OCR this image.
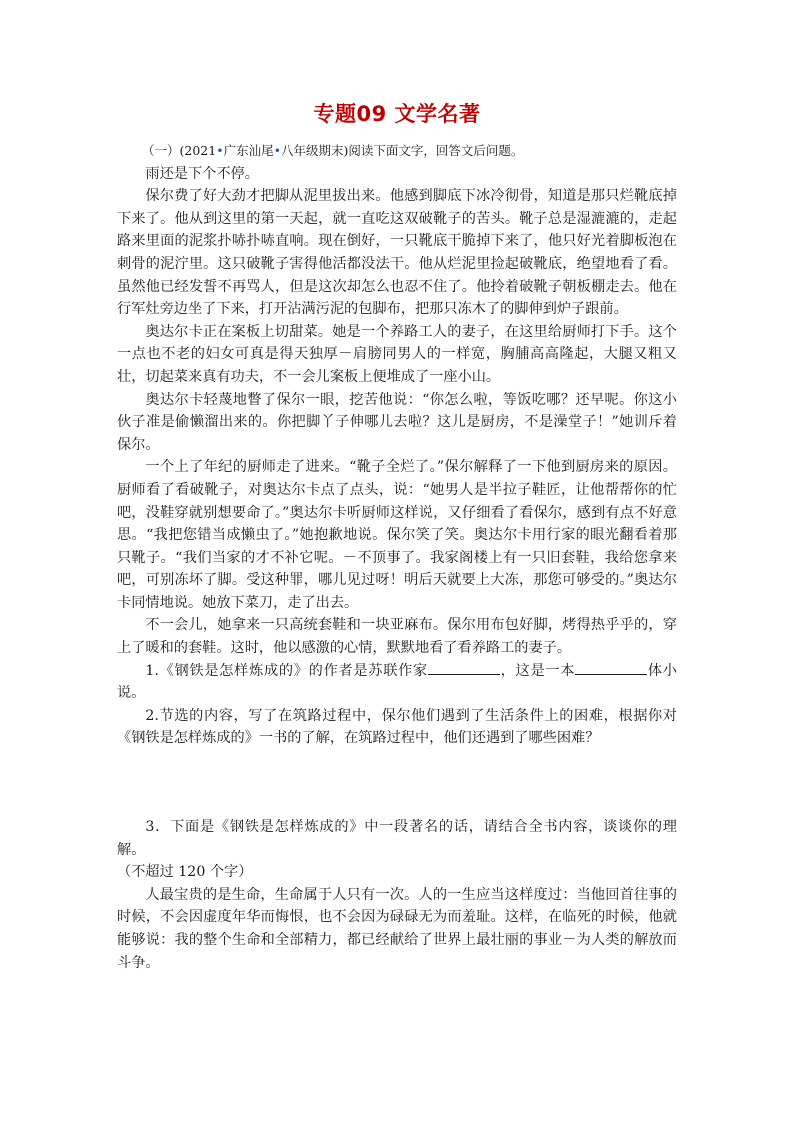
专题09 文学名著

（一）(2021•广东汕尾•八年级期末)阅读下面文字，回答文后问题。

雨还是下个不停。

保尔费了好大劲才把脚从泥里拔出来。他感到脚底下冰冷彻骨，知道是那只烂靴底掉下来了。他从到这里的第一天起，就一直吃这双破靴子的苦头。靴子总是湿漉漉的，走起路来里面的泥浆扑哧扑哧直响。现在倒好，一只靴底干脆掉下来了，他只好光着脚板泡在刺骨的泥泞里。这只破靴子害得他活都没法干。他从烂泥里捡起破靴底，绝望地看了看。虽然他已经发誓不再骂人，但是这次却怎么也忍不住了。他拎着破靴子朝板棚走去。他在行军灶旁边坐了下来，打开沾满污泥的包脚布，把那只冻木了的脚伸到炉子跟前。

奥达尔卡正在案板上切甜菜。她是一个养路工人的妻子，在这里给厨师打下手。这个一点也不老的妇女可真是得天独厚－肩膀同男人的一样宽，胸脯高高隆起，大腿又粗又壮，切起菜来真有功夫，不一会儿案板上便堆成了一座小山。

奥达尔卡轻蔑地瞥了保尔一眼，挖苦他说：“你怎么啦，等饭吃哪？还早呢。你这小伙子准是偷懒溜出来的。你把脚丫子伸哪儿去啦？这儿是厨房，不是澡堂子！”她训斥着保尔。

一个上了年纪的厨师走了进来。“靴子全烂了。”保尔解释了一下他到厨房来的原因。厨师看了看破靴子，对奥达尔卡点了点头，说：“她男人是半拉子鞋匠，让他帮帮你的忙吧，没鞋穿就别想要命了。”奥达尔卡听厨师这样说，又仔细看了看保尔，感到有点不好意思。“我把您错当成懒虫了。”她抱歉地说。保尔笑了笑。奥达尔卡用行家的眼光翻看着那只靴子。“我们当家的才不补它呢。－不顶事了。我家阁楼上有一只旧套鞋，我给您拿来吧，可别冻坏了脚。受这种罪，哪儿见过呀！明后天就要上大冻，那您可够受的。”奥达尔卡同情地说。她放下菜刀，走了出去。

不一会儿，她拿来一只高统套鞋和一块亚麻布。保尔用布包好脚，烤得热乎乎的，穿上了暖和的套鞋。这时，他以感激的心情，默默地看了看养路工的妻子。

1.《钢铁是怎样炼成的》的作者是苏联作家	，这是一本	体小说。

2.节选的内容，写了在筑路过程中，保尔他们遇到了生活条件上的困难，根据你对《钢铁是怎样炼成的》一书的了解，在筑路过程中，他们还遇到了哪些困难？

3．下面是《钢铁是怎样炼成的》中一段著名的话，请结合全书内容，谈谈你的理解。

（不超过 120 个字）

人最宝贵的是生命，生命属于人只有一次。人的一生应当这样度过：当他回首往事的时候，不会因虚度年华而悔恨，也不会因为碌碌无为而羞耻。这样，在临死的时候，他就能够说：我的整个生命和全部精力，都已经献给了世界上最壮丽的事业－为人类的解放而斗争。
